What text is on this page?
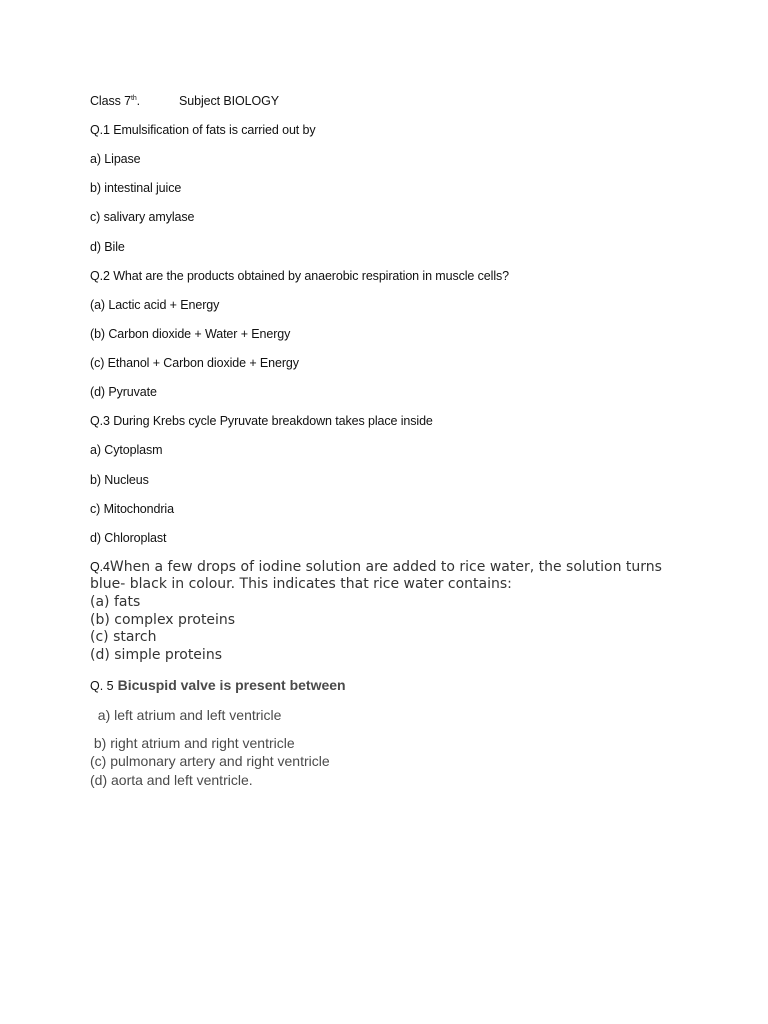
Class 7th.	Subject BIOLOGY
Q.1 Emulsification of fats is carried out by
a) Lipase
b) intestinal juice
c) salivary amylase
d) Bile
Q.2 What are the products obtained by anaerobic respiration in muscle cells?
(a) Lactic acid + Energy
(b) Carbon dioxide + Water + Energy
(c) Ethanol + Carbon dioxide + Energy
(d) Pyruvate
Q.3 During Krebs cycle Pyruvate breakdown takes place inside
a) Cytoplasm
b) Nucleus
c) Mitochondria
d) Chloroplast
Q.4When a few drops of iodine solution are added to rice water, the solution turns
blue- black in colour. This indicates that rice water contains:
(a) fats
(b) complex proteins
(c) starch
(d) simple proteins
Q. 5 Bicuspid valve is present between
a) left atrium and left ventricle
b) right atrium and right ventricle
(c) pulmonary artery and right ventricle
(d) aorta and left ventricle.
